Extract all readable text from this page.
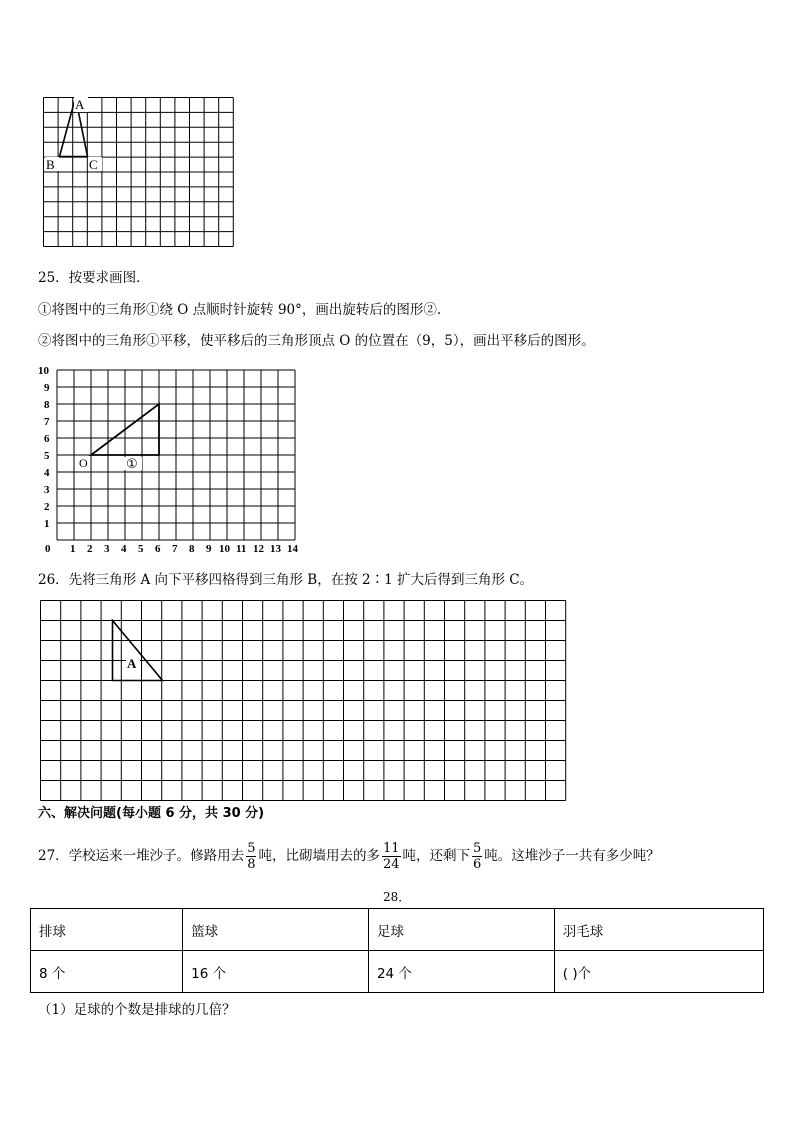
A
B	C
25．按要求画图．
①将图中的三角形①绕 O 点顺时针旋转 90°，画出旋转后的图形②.
②将图中的三角形①平移，使平移后的三角形顶点 O 的位置在（9，5），画出平移后的图形。
10
9
8
7
6
5
4
3
2
1
0 1 2 3 4 5 6 7 8 9 10 11 12 13 14
O	①
26．先将三角形 A 向下平移四格得到三角形 B，在按 2∶1 扩大后得到三角形 C。
A
六、解决问题(每小题 6 分，共 30 分)
27．学校运来一堆沙子。修路用去 $\frac{5}{8}$ 吨，比砌墙用去的多 $\frac{11}{24}$ 吨，还剩下 $\frac{5}{6}$ 吨。这堆沙子一共有多少吨？
28．
排球	篮球	足球	羽毛球
8 个	16 个	24 个	( )个
（1）足球的个数是排球的几倍？
